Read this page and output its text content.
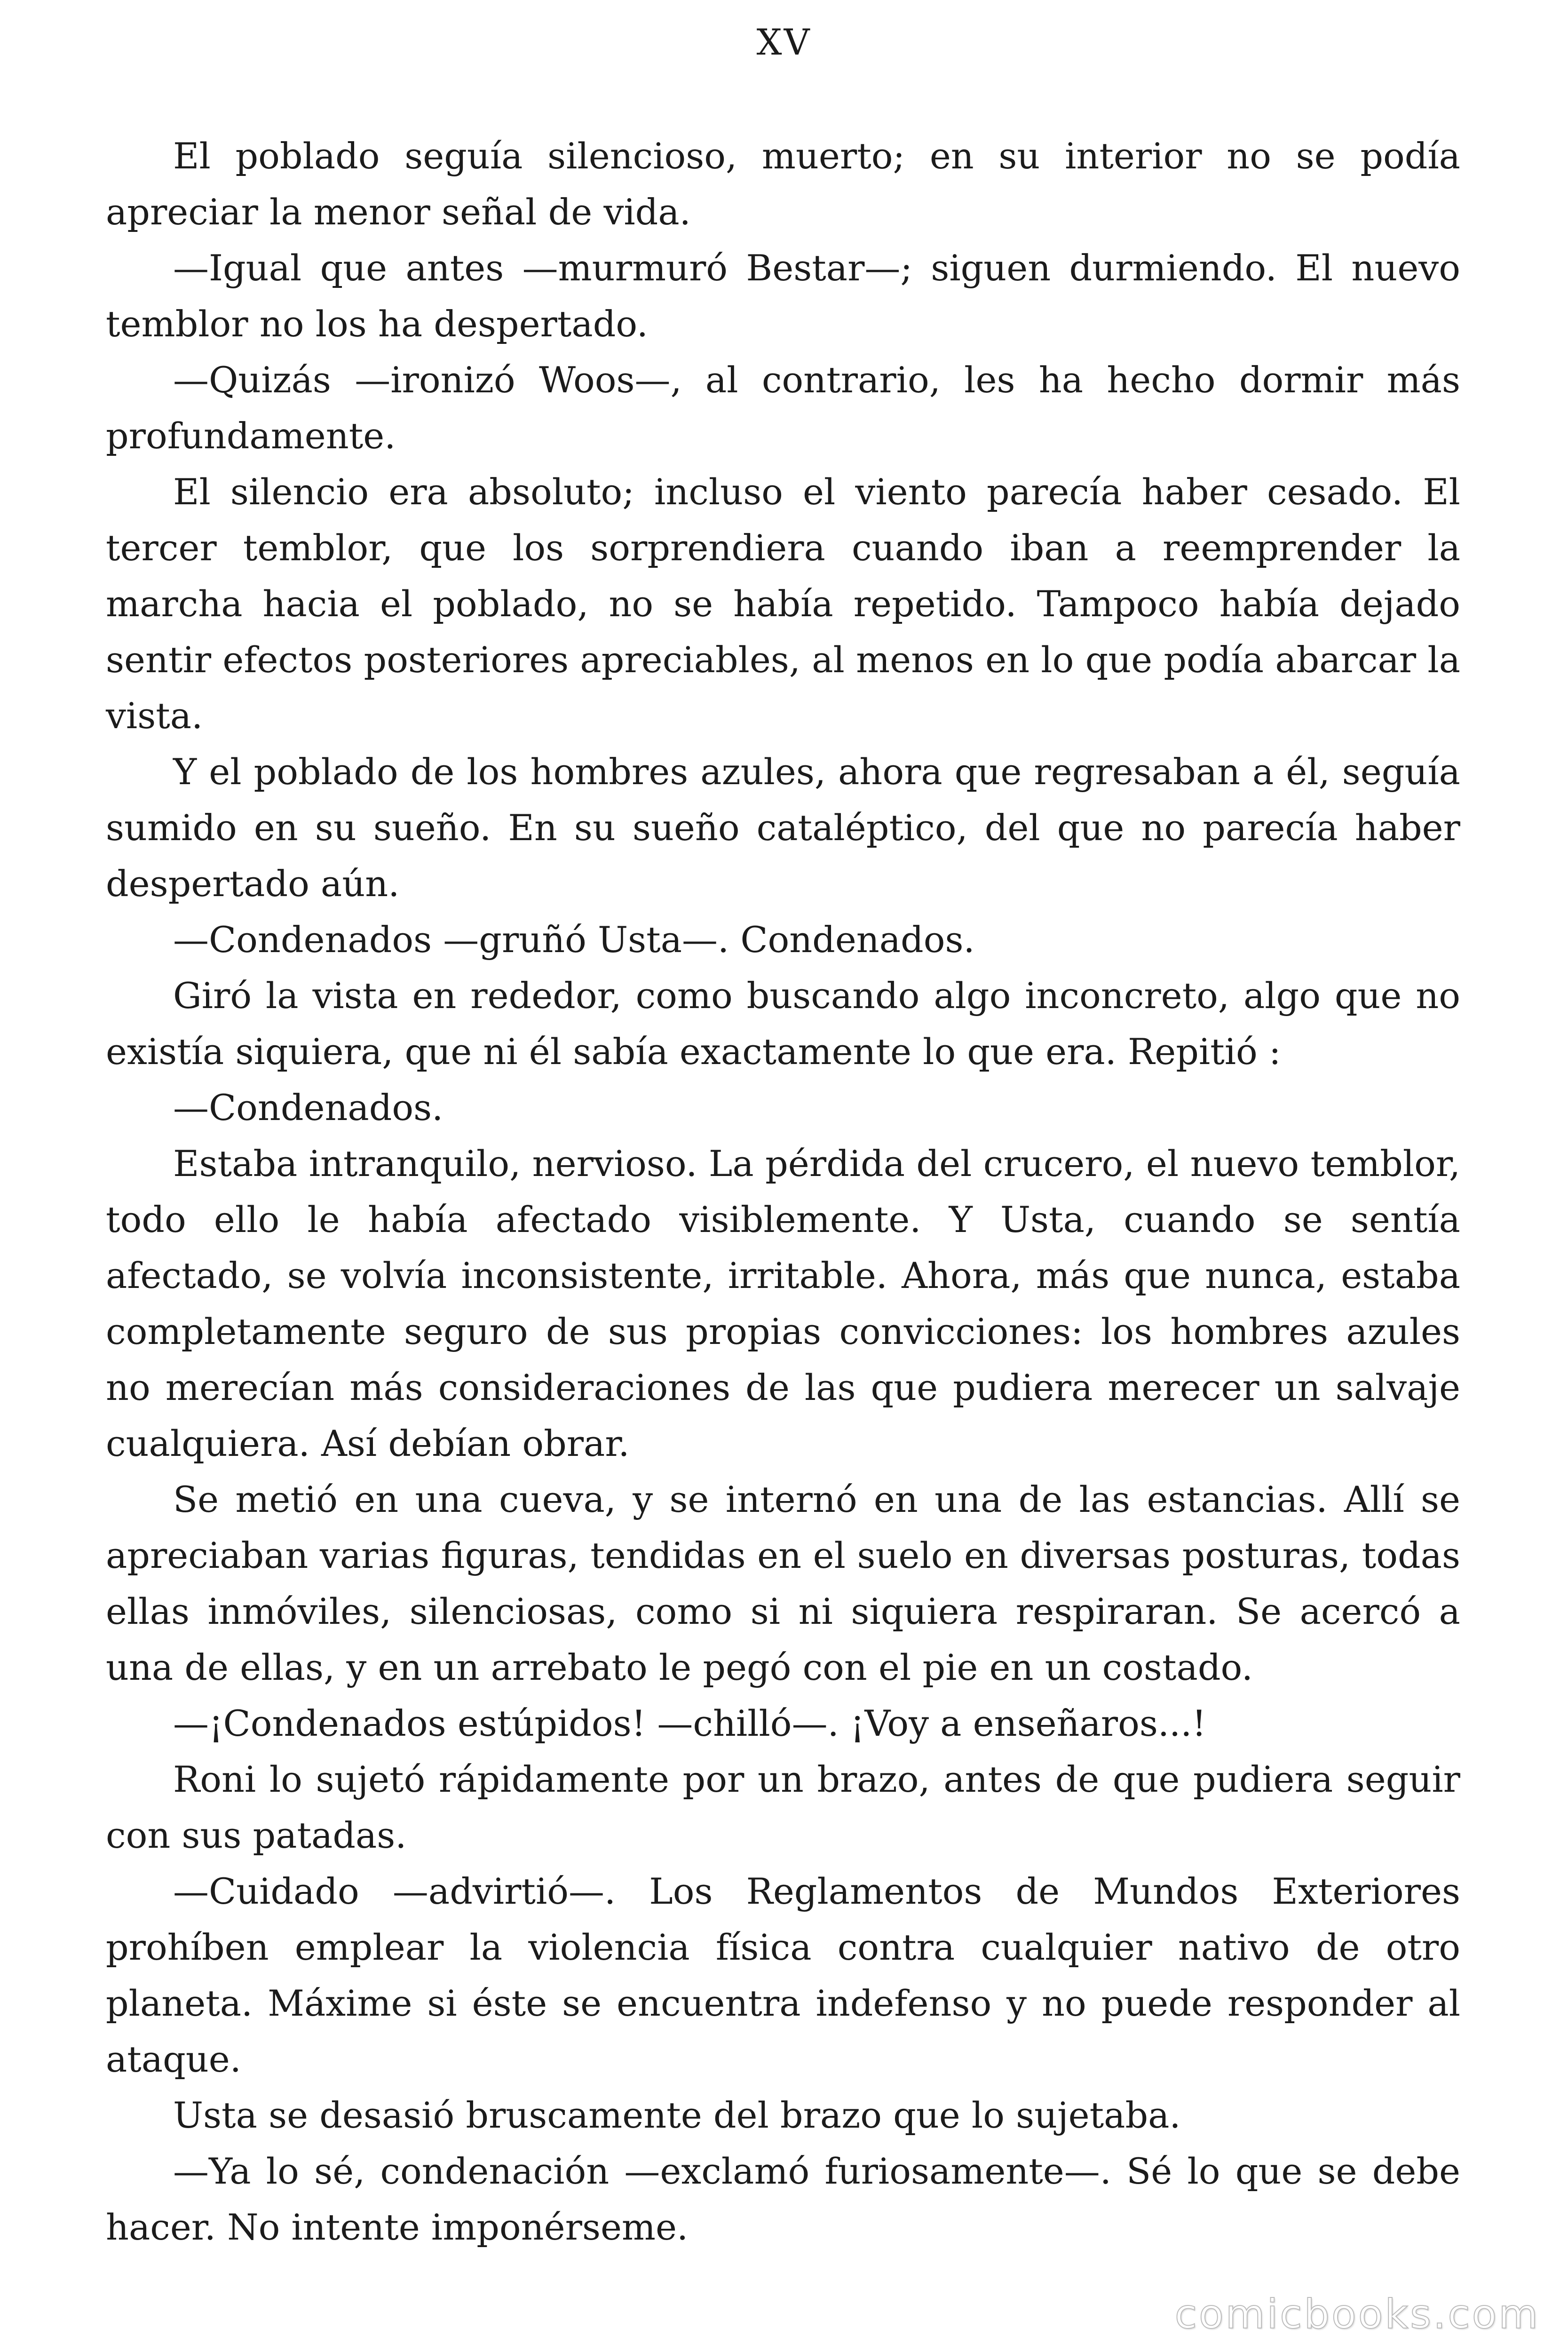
XV

El poblado seguía silencioso, muerto; en su interior no se podía apreciar la menor señal de vida.

—Igual que antes —murmuró Bestar—; siguen durmiendo. El nuevo temblor no los ha despertado.

—Quizás —ironizó Woos—, al contrario, les ha hecho dormir más profundamente.

El silencio era absoluto; incluso el viento parecía haber cesado. El tercer temblor, que los sorprendiera cuando iban a reemprender la marcha hacia el poblado, no se había repetido. Tampoco había dejado sentir efectos posteriores apreciables, al menos en lo que podía abarcar la vista.

Y el poblado de los hombres azules, ahora que regresaban a él, seguía sumido en su sueño. En su sueño cataléptico, del que no parecía haber despertado aún.

—Condenados —gruñó Usta—. Condenados.

Giró la vista en rededor, como buscando algo inconcreto, algo que no existía siquiera, que ni él sabía exactamente lo que era. Repitió :

—Condenados.

Estaba intranquilo, nervioso. La pérdida del crucero, el nuevo temblor, todo ello le había afectado visiblemente. Y Usta, cuando se sentía afectado, se volvía inconsistente, irritable. Ahora, más que nunca, estaba completamente seguro de sus propias convicciones: los hombres azules no merecían más consideraciones de las que pudiera merecer un salvaje cualquiera. Así debían obrar.

Se metió en una cueva, y se internó en una de las estancias. Allí se apreciaban varias figuras, tendidas en el suelo en diversas posturas, todas ellas inmóviles, silenciosas, como si ni siquiera respiraran. Se acercó a una de ellas, y en un arrebato le pegó con el pie en un costado.

—¡Condenados estúpidos! —chilló—. ¡Voy a enseñaros...!

Roni lo sujetó rápidamente por un brazo, antes de que pudiera seguir con sus patadas.

—Cuidado —advirtió—. Los Reglamentos de Mundos Exteriores prohíben emplear la violencia física contra cualquier nativo de otro planeta. Máxime si éste se encuentra indefenso y no puede responder al ataque.

Usta se desasió bruscamente del brazo que lo sujetaba.

—Ya lo sé, condenación —exclamó furiosamente—. Sé lo que se debe hacer. No intente imponérseme.

comicbooks.com
